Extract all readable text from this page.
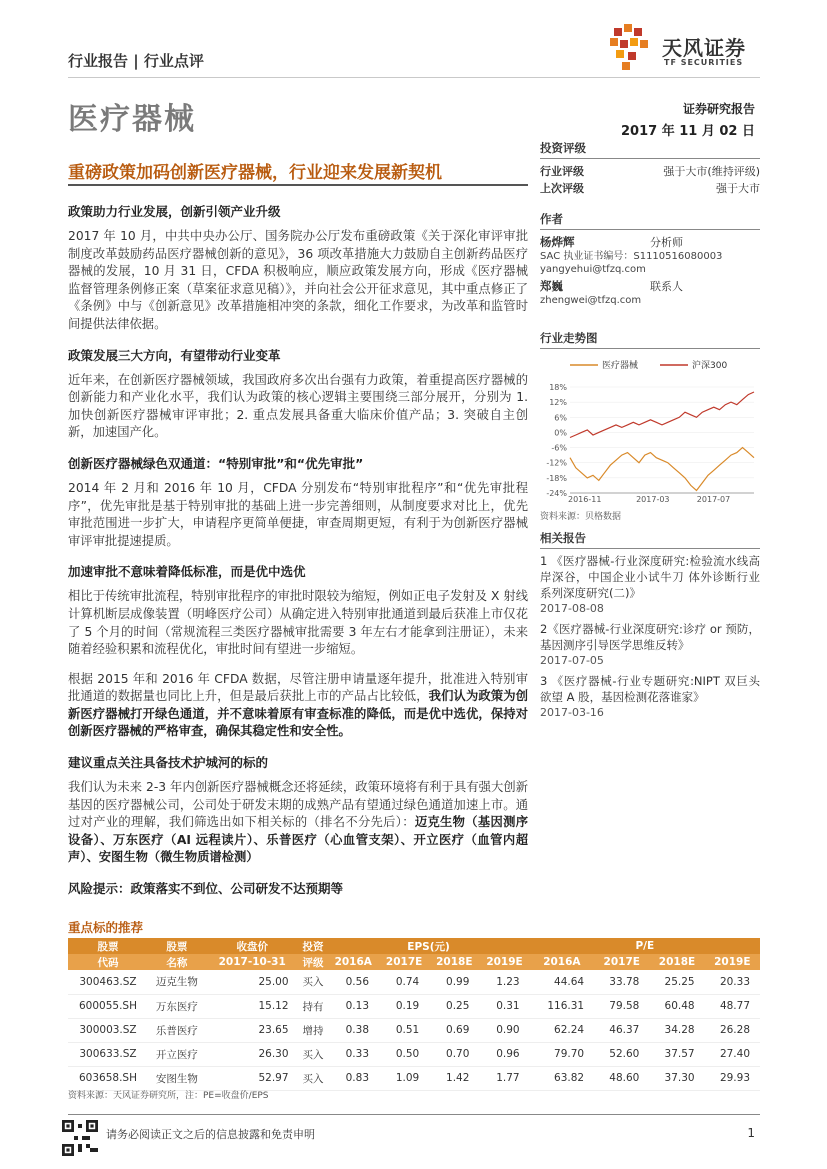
行业报告 | 行业点评
天风证券
TF SECURITIES
医疗器械	证券研究报告
2017 年 11 月 02 日
重磅政策加码创新医疗器械，行业迎来发展新契机
政策助力行业发展，创新引领产业升级

2017 年 10 月，中共中央办公厅、国务院办公厅发布重磅政策《关于深化审评审批制度改革鼓励药品医疗器械创新的意见》，36 项改革措施大力鼓励自主创新药品医疗器械的发展，10 月 31 日，CFDA 积极响应，顺应政策发展方向，形成《医疗器械监督管理条例修正案（草案征求意见稿）》，并向社会公开征求意见，其中重点修正了《条例》中与《创新意见》改革措施相冲突的条款，细化工作要求，为改革和监管时间提供法律依据。

政策发展三大方向，有望带动行业变革

近年来，在创新医疗器械领域，我国政府多次出台强有力政策，着重提高医疗器械的创新能力和产业化水平，我们认为政策的核心逻辑主要围绕三部分展开，分别为 1. 加快创新医疗器械审评审批；2. 重点发展具备重大临床价值产品；3. 突破自主创新，加速国产化。

创新医疗器械绿色双通道：“特别审批”和“优先审批”

2014 年 2 月和 2016 年 10 月，CFDA 分别发布“特别审批程序”和“优先审批程序”，优先审批是基于特别审批的基础上进一步完善细则，从制度要求对比上，优先审批范围进一步扩大，申请程序更简单便捷，审查周期更短，有利于为创新医疗器械审评审批提速提质。

加速审批不意味着降低标准，而是优中选优

相比于传统审批流程，特别审批程序的审批时限较为缩短，例如正电子发射及 X 射线计算机断层成像装置（明峰医疗公司）从确定进入特别审批通道到最后获准上市仅花了 5 个月的时间（常规流程三类医疗器械审批需要 3 年左右才能拿到注册证），未来随着经验积累和流程优化，审批时间有望进一步缩短。

根据 2015 年和 2016 年 CFDA 数据，尽管注册申请量逐年提升，批准进入特别审批通道的数据量也同比上升，但是最后获批上市的产品占比较低，我们认为政策为创新医疗器械打开绿色通道，并不意味着原有审查标准的降低，而是优中选优，保持对创新医疗器械的严格审查，确保其稳定性和安全性。

建议重点关注具备技术护城河的标的

我们认为未来 2-3 年内创新医疗器械概念还将延续，政策环境将有利于具有强大创新基因的医疗器械公司，公司处于研发末期的成熟产品有望通过绿色通道加速上市。通过对产业的理解，我们筛选出如下相关标的（排名不分先后）：迈克生物（基因测序设备）、万东医疗（AI 远程读片）、乐普医疗（心血管支架）、开立医疗（血管内超声）、安图生物（微生物质谱检测）

风险提示：政策落实不到位、公司研发不达预期等
投资评级
行业评级	强于大市(维持评级)
上次评级	强于大市
作者
杨烨辉	分析师
SAC 执业证书编号：S1110516080003
yangyehui@tfzq.com
郑巍	联系人
zhengwei@tfzq.com
行业走势图
医疗器械	沪深300
18%
12%
6%
0%
-6%
-12%
-18%
-24%
2016-11	2017-03	2017-07
资料来源：贝格数据
相关报告
1 《医疗器械-行业深度研究:检验流水线高岸深谷，中国企业小试牛刀 体外诊断行业系列深度研究(二)》
2017-08-08
2《医疗器械-行业深度研究:诊疗 or 预防，基因测序引导医学思维反转》
2017-07-05
3 《医疗器械-行业专题研究:NIPT 双巨头欲望 A 股，基因检测花落谁家》
2017-03-16
重点标的推荐
股票	股票	收盘价	投资	EPS(元)				P/E			
代码	名称	2017-10-31	评级	2016A	2017E	2018E	2019E	2016A	2017E	2018E	2019E
300463.SZ	迈克生物	25.00	买入	0.56	0.74	0.99	1.23	44.64	33.78	25.25	20.33
600055.SH	万东医疗	15.12	持有	0.13	0.19	0.25	0.31	116.31	79.58	60.48	48.77
300003.SZ	乐普医疗	23.65	增持	0.38	0.51	0.69	0.90	62.24	46.37	34.28	26.28
300633.SZ	开立医疗	26.30	买入	0.33	0.50	0.70	0.96	79.70	52.60	37.57	27.40
603658.SH	安图生物	52.97	买入	0.83	1.09	1.42	1.77	63.82	48.60	37.30	29.93
资料来源：天风证券研究所，注：PE=收盘价/EPS
请务必阅读正文之后的信息披露和免责申明	1
